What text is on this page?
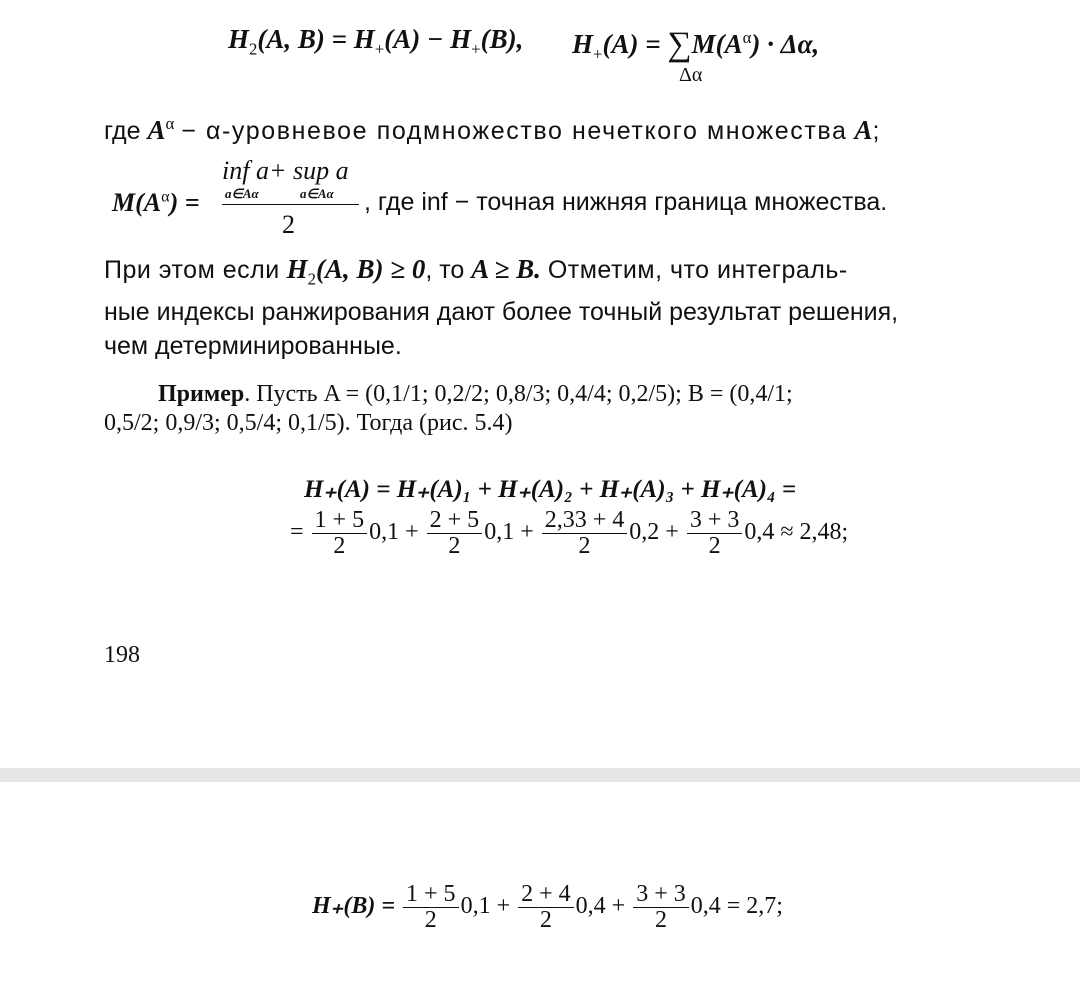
$H_2(A$, $B) = H_+(A) - H_+(B)$, $H_+(A) = \sum M(A^\alpha) \cdot \Delta\alpha$,
Δα
где $A^\alpha$ − α-уровневое подмножество нечеткого множества A;
$M(A^\alpha)$ =
inf a+ sup a
a∈Aα	a∈Aα
2
, где inf − точная нижняя граница множества.
При этом если $H_2(A$, B) ≥ 0, то A ≥ B. Отметим, что интеграль-
ные индексы ранжирования дают более точный результат решения,
чем детерминированные.
Пример. Пусть A = (0,1/1; 0,2/2; 0,8/3; 0,4/4; 0,2/5); B = (0,4/1;
0,5/2; 0,9/3; 0,5/4; 0,1/5). Тогда (рис. 5.4)
H₊(A) = H₊(A)₁ + H₊(A)₂ + H₊(A)₃ + H₊(A)₄ =
= $\frac{1 + 5}{2} 0,1 + \frac{2 + 5}{2} 0,1 + \frac{2,33 + 4}{2} 0,2 + \frac{3 + 3}{2} 0,4 \approx 2,48$;
198
$H_+(B) = \frac{1 + 5}{2} 0,1 + \frac{2 + 4}{2} 0,4 + \frac{3 + 3}{2} 0,4 = 2,7$;
